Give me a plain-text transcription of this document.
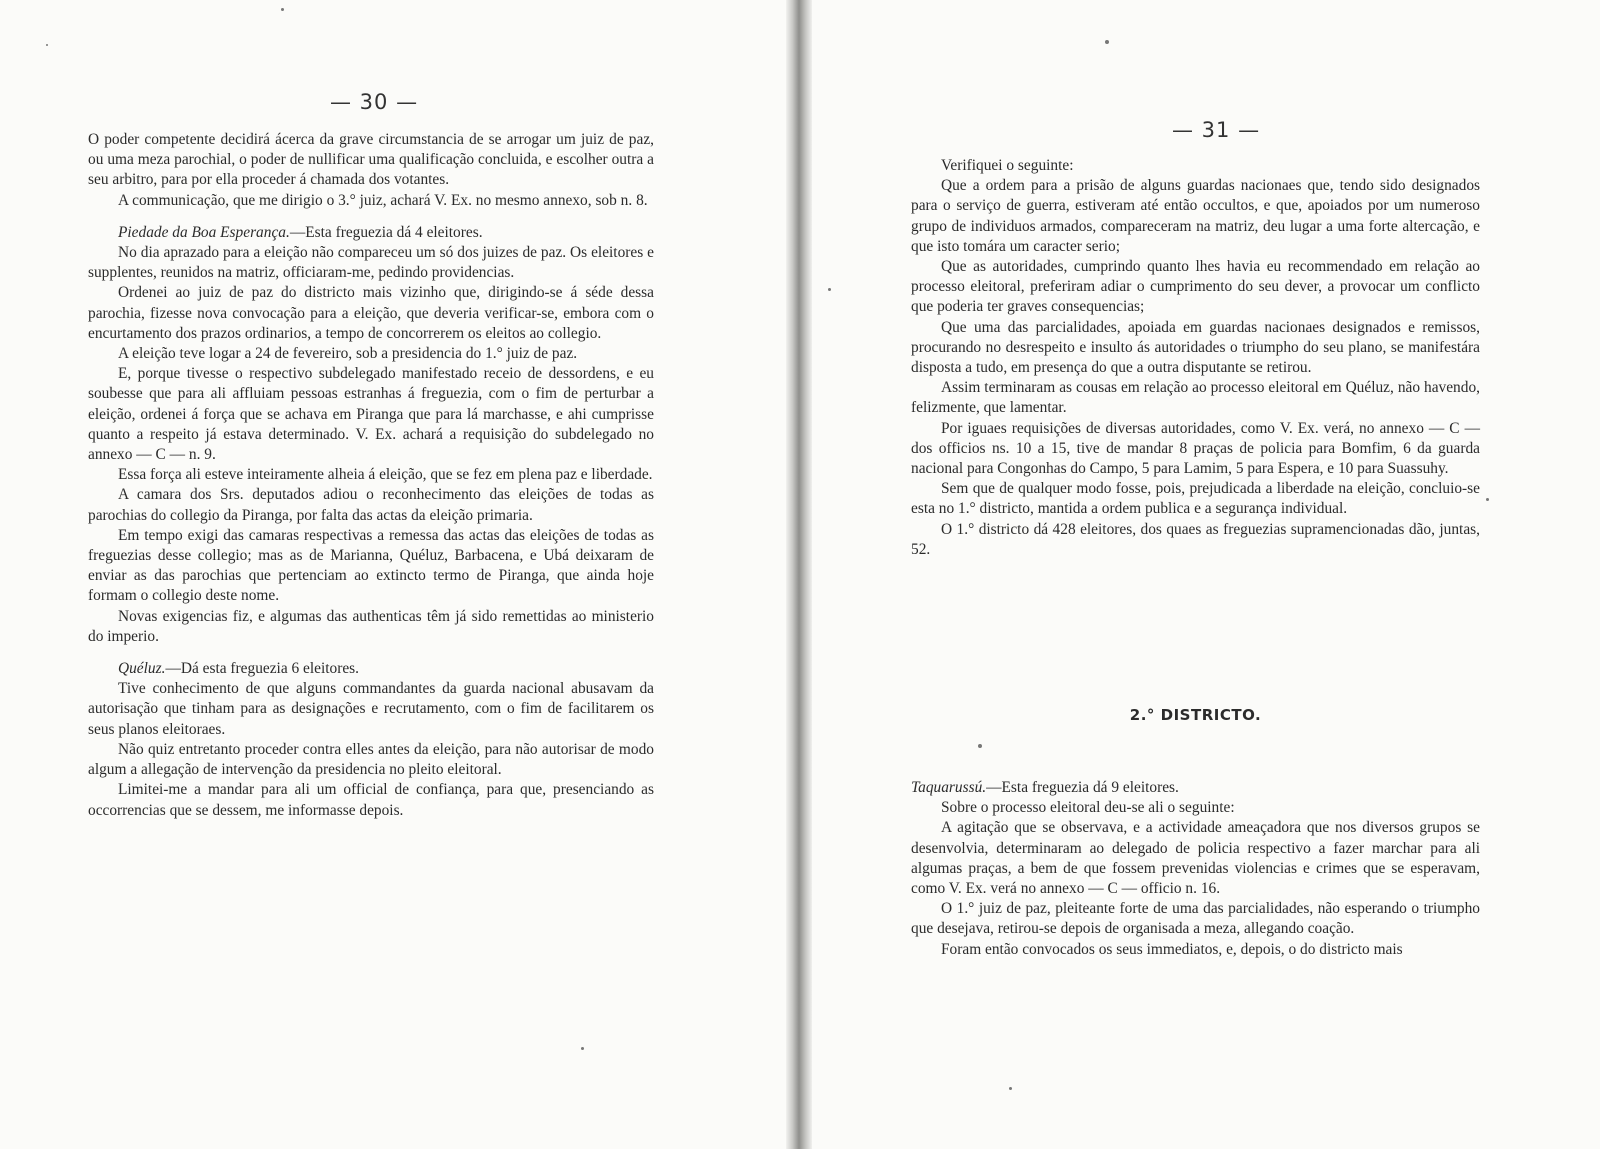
— 30 —

O poder competente decidirá ácerca da grave circumstancia de se arrogar um juiz de paz, ou uma meza parochial, o poder de nullificar uma qualificação concluida, e escolher outra a seu arbitro, para por ella proceder á chamada dos votantes.

A communicação, que me dirigio o 3.° juiz, achará V. Ex. no mesmo annexo, sob n. 8.

Piedade da Boa Esperança.—Esta freguezia dá 4 eleitores.

No dia aprazado para a eleição não compareceu um só dos juizes de paz. Os eleitores e supplentes, reunidos na matriz, officiaram-me, pedindo providencias.

Ordenei ao juiz de paz do districto mais vizinho que, dirigindo-se á séde dessa parochia, fizesse nova convocação para a eleição, que deveria verificar-se, embora com o encurtamento dos prazos ordinarios, a tempo de concorrerem os eleitos ao collegio.

A eleição teve logar a 24 de fevereiro, sob a presidencia do 1.° juiz de paz.

E, porque tivesse o respectivo subdelegado manifestado receio de dessordens, e eu soubesse que para ali affluiam pessoas estranhas á freguezia, com o fim de perturbar a eleição, ordenei á força que se achava em Piranga que para lá marchasse, e ahi cumprisse quanto a respeito já estava determinado. V. Ex. achará a requisição do subdelegado no annexo — C — n. 9.

Essa força ali esteve inteiramente alheia á eleição, que se fez em plena paz e liberdade.

A camara dos Srs. deputados adiou o reconhecimento das eleições de todas as parochias do collegio da Piranga, por falta das actas da eleição primaria.

Em tempo exigi das camaras respectivas a remessa das actas das eleições de todas as freguezias desse collegio; mas as de Marianna, Quéluz, Barbacena, e Ubá deixaram de enviar as das parochias que pertenciam ao extincto termo de Piranga, que ainda hoje formam o collegio deste nome.

Novas exigencias fiz, e algumas das authenticas têm já sido remettidas ao ministerio do imperio.

Quéluz.—Dá esta freguezia 6 eleitores.

Tive conhecimento de que alguns commandantes da guarda nacional abusavam da autorisação que tinham para as designações e recrutamento, com o fim de facilitarem os seus planos eleitoraes.

Não quiz entretanto proceder contra elles antes da eleição, para não autorisar de modo algum a allegação de intervenção da presidencia no pleito eleitoral.

Limitei-me a mandar para ali um official de confiança, para que, presenciando as occorrencias que se dessem, me informasse depois.

— 31 —

Verifiquei o seguinte:

Que a ordem para a prisão de alguns guardas nacionaes que, tendo sido designados para o serviço de guerra, estiveram até então occultos, e que, apoiados por um numeroso grupo de individuos armados, compareceram na matriz, deu lugar a uma forte altercação, e que isto tomára um caracter serio;

Que as autoridades, cumprindo quanto lhes havia eu recommendado em relação ao processo eleitoral, preferiram adiar o cumprimento do seu dever, a provocar um conflicto que poderia ter graves consequencias;

Que uma das parcialidades, apoiada em guardas nacionaes designados e remissos, procurando no desrespeito e insulto ás autoridades o triumpho do seu plano, se manifestára disposta a tudo, em presença do que a outra disputante se retirou.

Assim terminaram as cousas em relação ao processo eleitoral em Quéluz, não havendo, felizmente, que lamentar.

Por iguaes requisições de diversas autoridades, como V. Ex. verá, no annexo — C — dos officios ns. 10 a 15, tive de mandar 8 praças de policia para Bomfim, 6 da guarda nacional para Congonhas do Campo, 5 para Lamim, 5 para Espera, e 10 para Suassuhy.

Sem que de qualquer modo fosse, pois, prejudicada a liberdade na eleição, concluio-se esta no 1.° districto, mantida a ordem publica e a segurança individual.

O 1.° districto dá 428 eleitores, dos quaes as freguezias supramencionadas dão, juntas, 52.

2.° DISTRICTO.

Taquarussú.—Esta freguezia dá 9 eleitores.

Sobre o processo eleitoral deu-se ali o seguinte:

A agitação que se observava, e a actividade ameaçadora que nos diversos grupos se desenvolvia, determinaram ao delegado de policia respectivo a fazer marchar para ali algumas praças, a bem de que fossem prevenidas violencias e crimes que se esperavam, como V. Ex. verá no annexo — C — officio n. 16.

O 1.° juiz de paz, pleiteante forte de uma das parcialidades, não esperando o triumpho que desejava, retirou-se depois de organisada a meza, allegando coação.

Foram então convocados os seus immediatos, e, depois, o do districto mais
